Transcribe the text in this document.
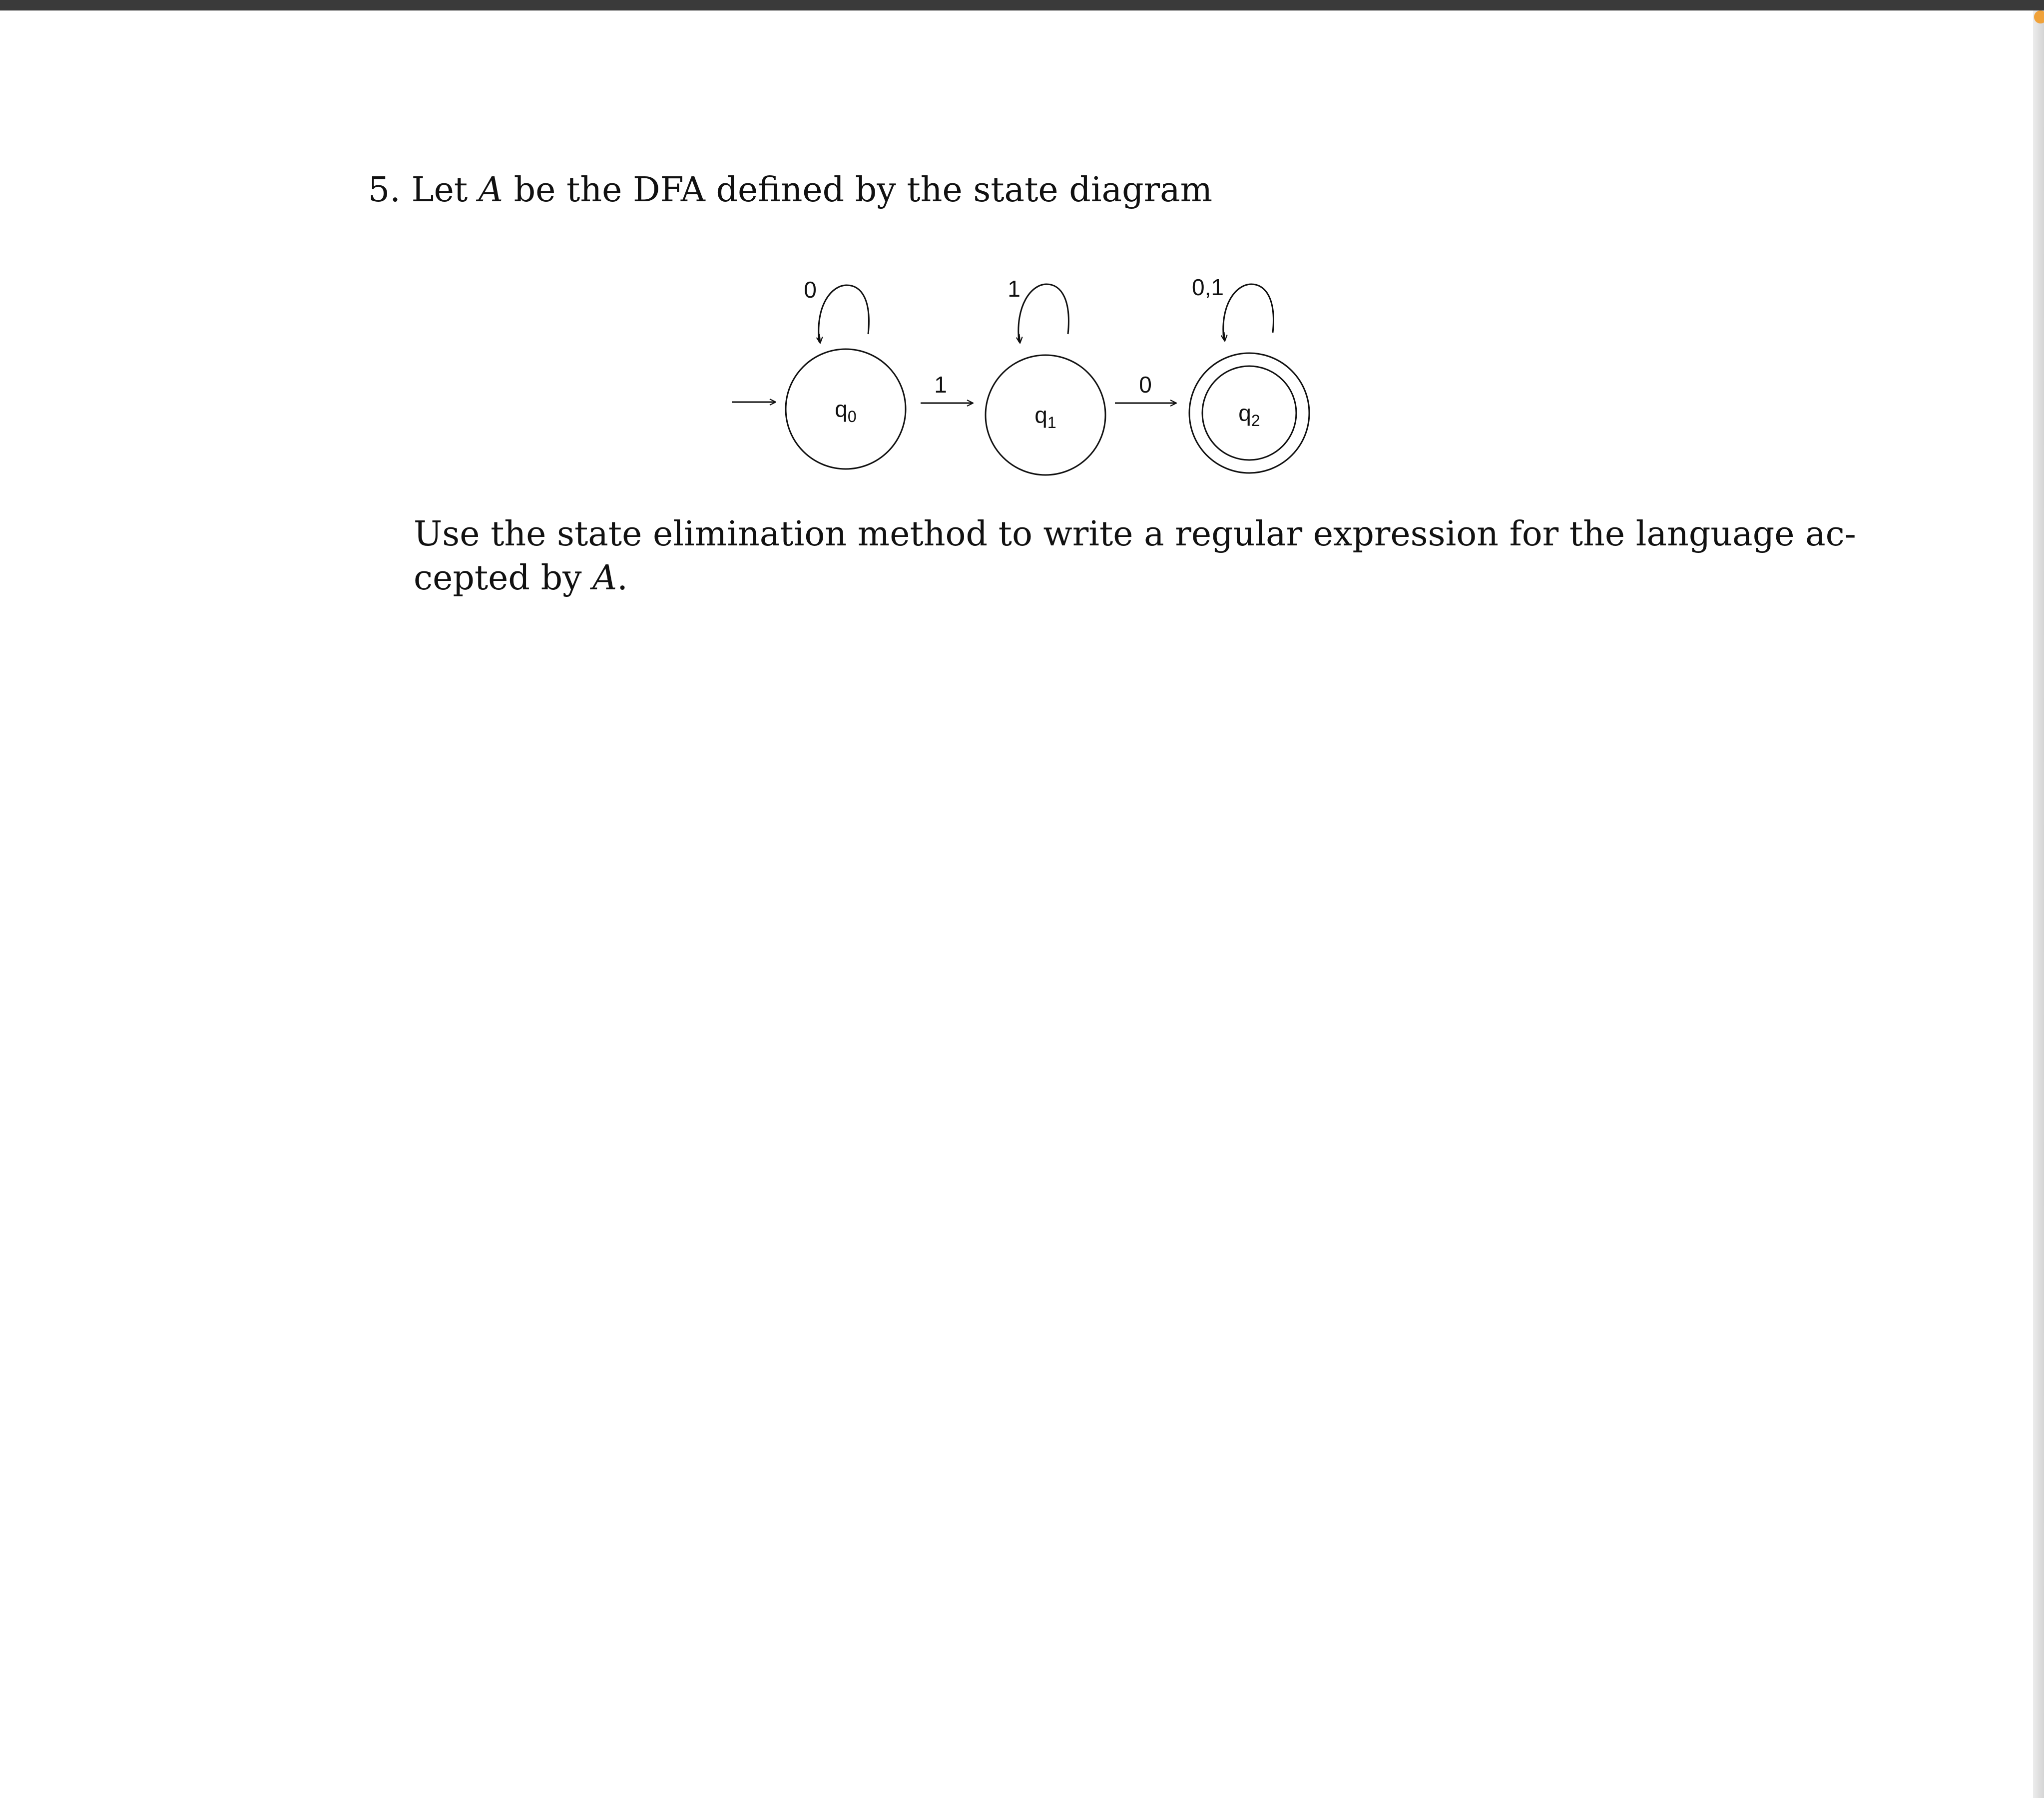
5. Let A be the DFA defined by the state diagram
$q_0$
0
1
$q_1$
1
0
$q_2$
0,1
Use the state elimination method to write a regular expression for the language ac-
cepted by A.
